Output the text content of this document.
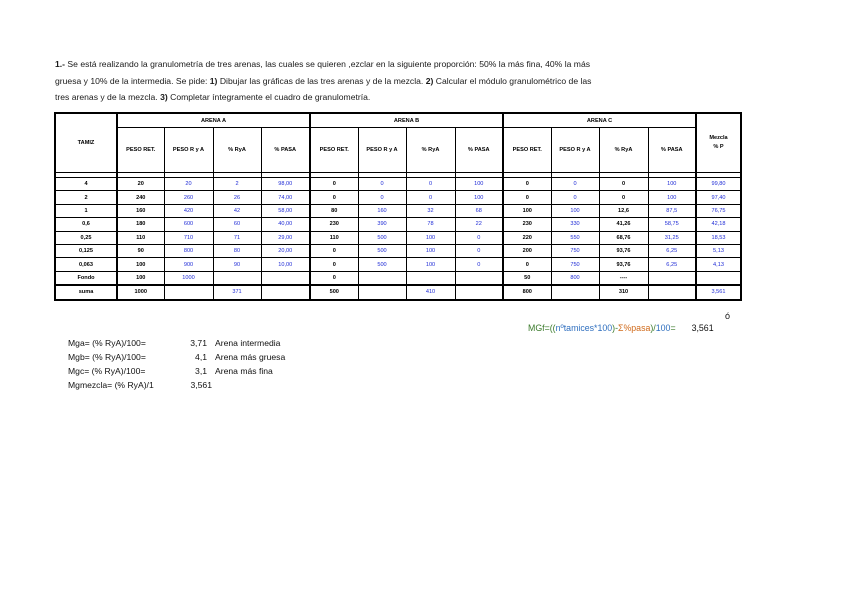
1.- Se está realizando la granulometría de tres arenas, las cuales se quieren ,ezclar en la siguiente proporción: 50% la más fina, 40% la más
gruesa y 10% de la intermedia. Se pide: 1) Dibujar las gráficas de las tres arenas y de la mezcla. 2) Calcular el módulo granulométrico de las
tres arenas y de la mezcla. 3) Completar íntegramente el cuadro de granulometría.
TAMIZ	ARENA A				ARENA B				ARENA C				Mezcla
% P

	PESO RET.	PESO R y A	% RyA	% PASA	PESO RET.	PESO R y A	% RyA	% PASA	PESO RET.	PESO R y A	% RyA	% PASA	

4	20	20	2	98,00	0	0	0	100	0	0	0	100	99,80
2	240	260	26	74,00	0	0	0	100	0	0	0	100	97,40
1	160	420	42	58,00	80	160	32	68	100	100	12,6	87,5	76,75
0,6	180	600	60	40,00	230	390	78	22	230	330	41,26	58,75	42,18
0,25	110	710	71	29,00	110	500	100	0	220	550	68,76	31,25	18,53
0,125	90	800	80	20,00	0	500	100	0	200	750	93,76	6,25	5,13
0,063	100	900	90	10,00	0	500	100	0	0	750	93,76	6,25	4,13
Fondo	100	1000			0				50	800	----		
suma	1000		371		500		410		800		310		3,561
ó
MGf=((nºtamices*100)-Σ%pasa)/100= 3,561
Mga= (% RyA)/100=	3,71 Arena intermedia
Mgb= (% RyA)/100=	4,1 Arena más gruesa
Mgc= (% RyA)/100=	3,1 Arena más fina
Mgmezcla= (% RyA)/1	3,561
